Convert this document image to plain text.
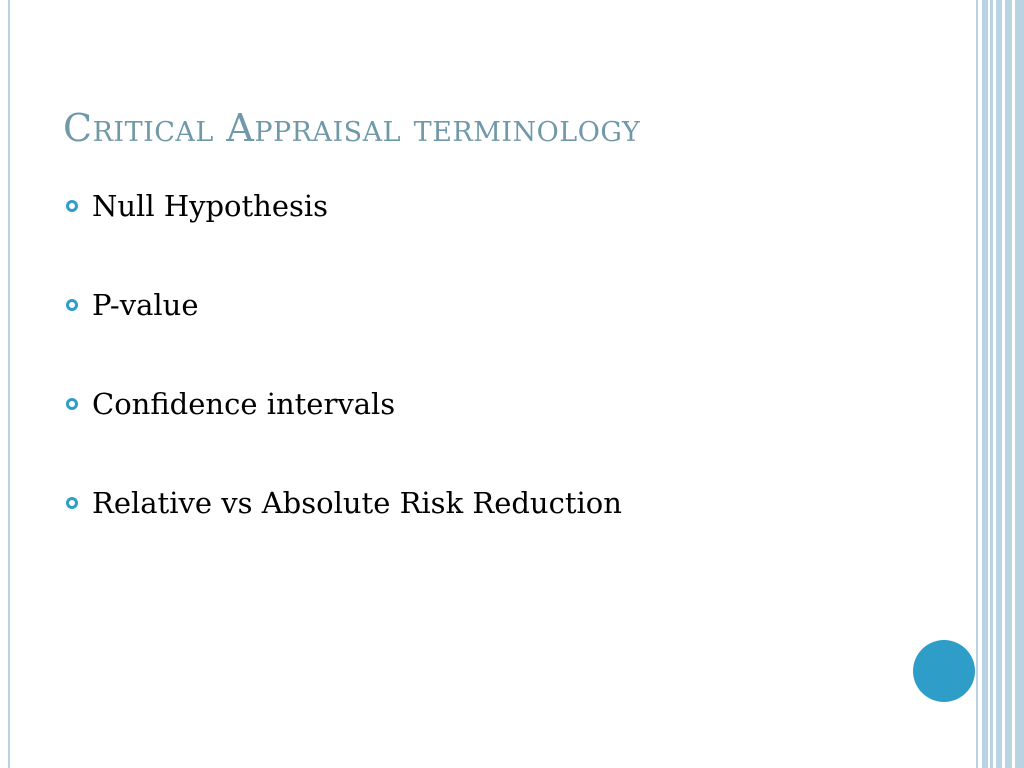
Critical Appraisal terminology
Null Hypothesis
P-value
Confidence intervals
Relative vs Absolute Risk Reduction
